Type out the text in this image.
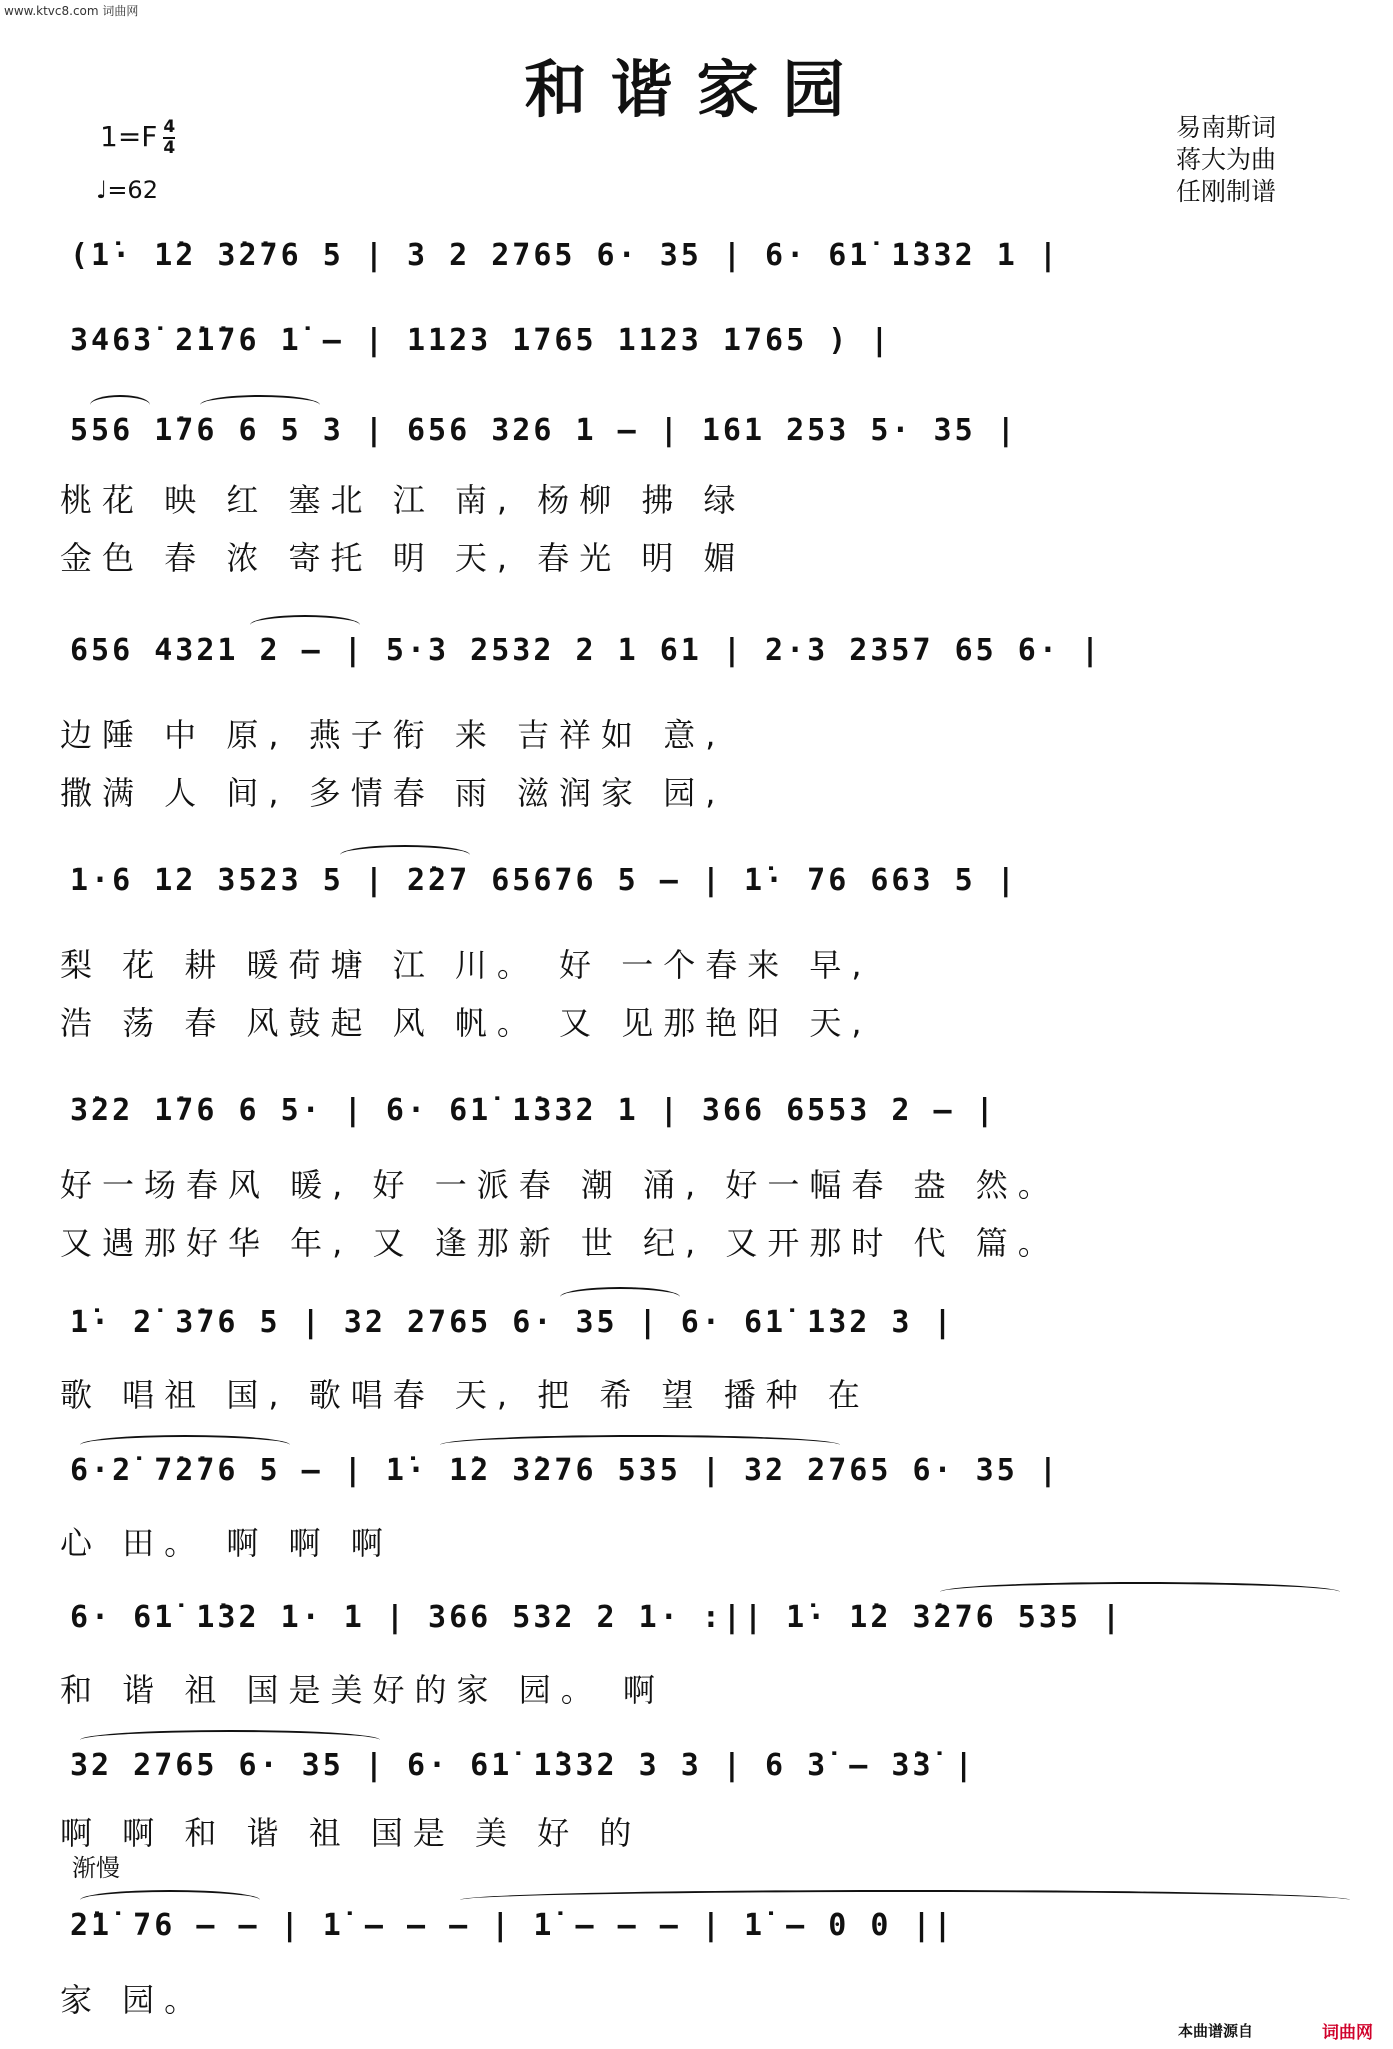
www.ktvc8.com 词曲网
和谐家园
$1=F \frac{4}{4}$
♩=62
易南斯词
蒋大为曲
任刚制谱
(1̇· 1̇2 3̇2̇76 5 | 3 2 2765 6· 35 | 6· 61̇ 1̇332 1 |
3463̇ 2̇1̇76 1̇ – | 1123 1765 1123 1765 ) |
556 1̇76 6 5 3 | 656 326 1 – | 161 253 5· 35 |
桃花 映 红 塞北 江 南, 杨柳 拂 绿
金色 春 浓 寄托 明 天, 春光 明 媚
656 4321 2 – | 5·3 2532 2 1 61 | 2·3 2357 65 6· |
边陲 中 原, 燕子衔 来 吉祥如 意,
撒满 人 间, 多情春 雨 滋润家 园,
1·6 12 3523 5 | 2̇27 65676 5 – | 1̇· 76 663 5 |
梨 花 耕 暖荷塘 江 川。 好 一个春来 早,
浩 荡 春 风鼓起 风 帆。 又 见那艳阳 天,
3̇22 1̇76 6 5· | 6· 61̇ 1̇332 1 | 366 6553 2 – |
好一场春风 暖, 好 一派春 潮 涌, 好一幅春 盎 然。
又遇那好华 年, 又 逢那新 世 纪, 又开那时 代 篇。
1̇· 2̇ 3̇76 5 | 32 2765 6· 35 | 6· 61̇ 1̇32 3 |
歌 唱祖 国, 歌唱春 天, 把 希 望 播种 在
6·2̇ 7̇2̇76 5 – | 1̇· 1̇2 3̇276 535 | 32 2765 6· 35 |
心 田。 啊 啊 啊
6· 61̇ 1̇32 1· 1 | 366 532 2 1· :|| 1̇· 1̇2 3̇276 535 |
和 谐 祖 国是美好的家 园。 啊
32 2765 6· 35 | 6· 61̇ 1̇332 3 3 | 6 3̇ – 3̇3̇ |
啊 啊 和 谐 祖 国是 美 好 的
渐慢
2̇1̇ 76 – – | 1̇ – – – | 1̇ – – – | 1̇ – 0 0 ||
家 园。
本曲谱源自	词曲网
